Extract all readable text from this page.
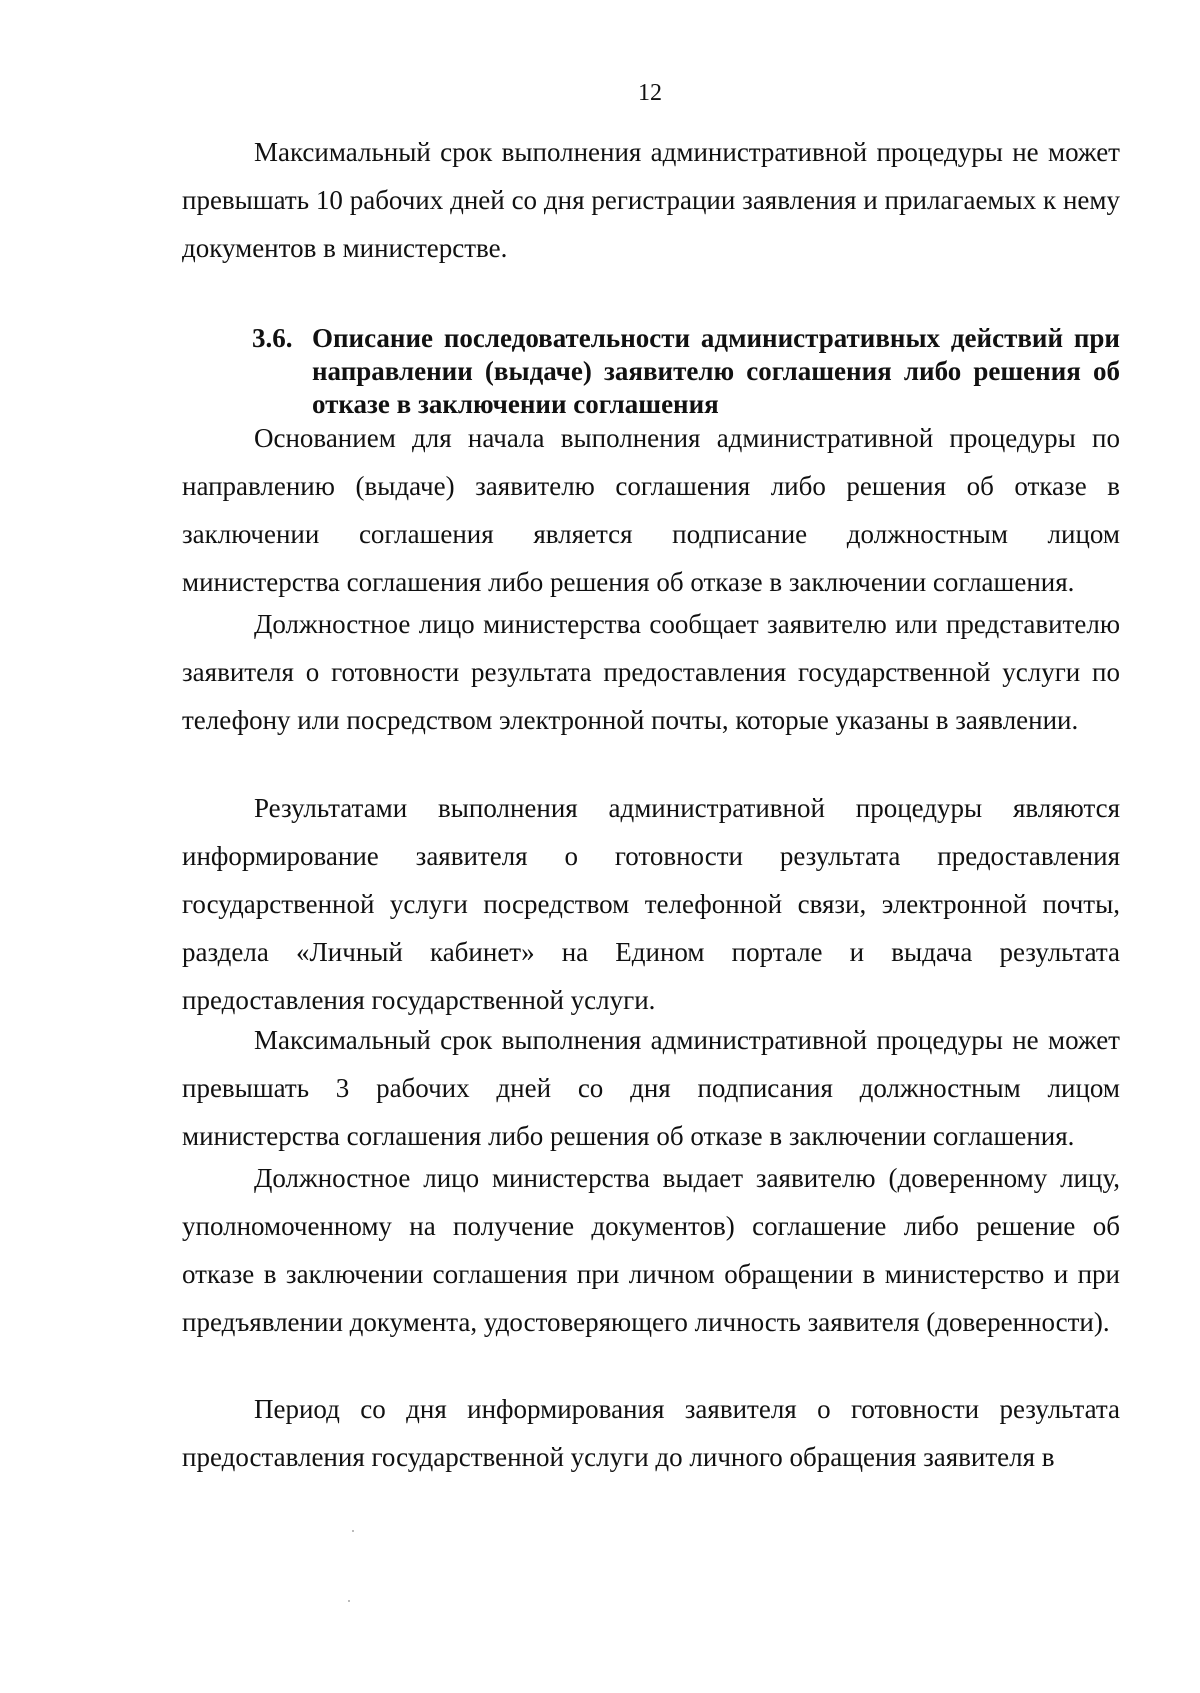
12

Максимальный срок выполнения административной процедуры не может превышать 10 рабочих дней со дня регистрации заявления и прилагаемых к нему документов в министерстве.

3.6. Описание последовательности административных действий при направлении (выдаче) заявителю соглашения либо решения об отказе в заключении соглашения

Основанием для начала выполнения административной процедуры по направлению (выдаче) заявителю соглашения либо решения об отказе в заключении соглашения является подписание должностным лицом министерства соглашения либо решения об отказе в заключении соглашения.

Должностное лицо министерства сообщает заявителю или представителю заявителя о готовности результата предоставления государственной услуги по телефону или посредством электронной почты, которые указаны в заявлении.

Результатами выполнения административной процедуры являются информирование заявителя о готовности результата предоставления государственной услуги посредством телефонной связи, электронной почты, раздела «Личный кабинет» на Едином портале и выдача результата предоставления государственной услуги.

Максимальный срок выполнения административной процедуры не может превышать 3 рабочих дней со дня подписания должностным лицом министерства соглашения либо решения об отказе в заключении соглашения.

Должностное лицо министерства выдает заявителю (доверенному лицу, уполномоченному на получение документов) соглашение либо решение об отказе в заключении соглашения при личном обращении в министерство и при предъявлении документа, удостоверяющего личность заявителя (доверенности).

Период со дня информирования заявителя о готовности результата предоставления государственной услуги до личного обращения заявителя в
